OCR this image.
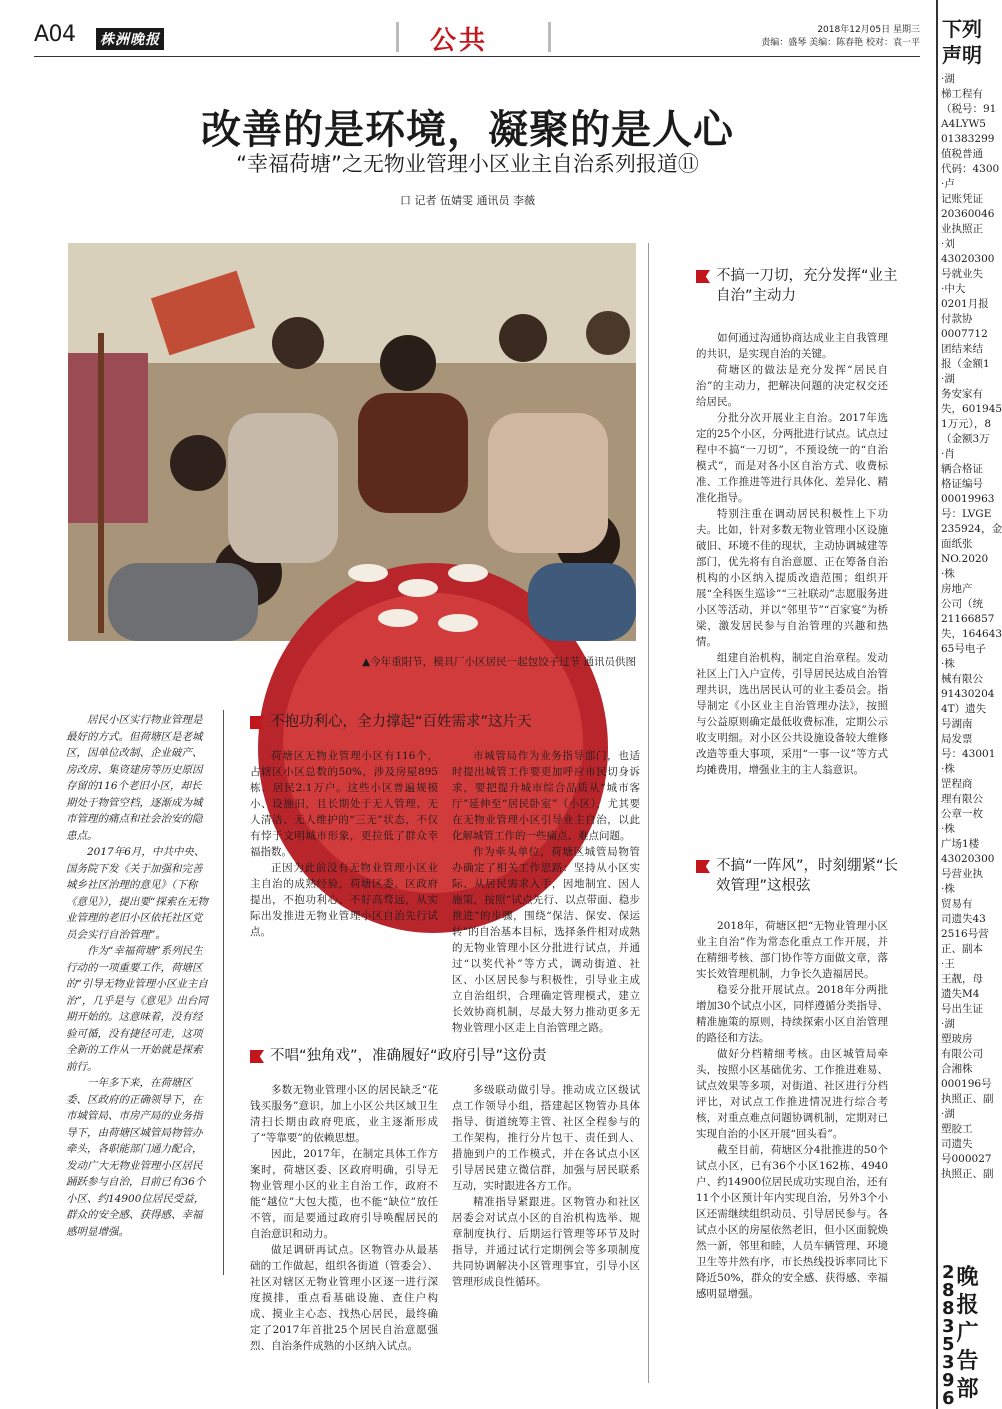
A04 株洲晚报	公共	2018年12月05日 星期三
责编：盛琴 美编：陈春艳 校对：袁一平
改善的是环境，凝聚的是人心
“幸福荷塘”之无物业管理小区业主自治系列报道⑪
口 记者 伍婧雯 通讯员 李薇
▲今年重阳节，模具厂小区居民一起包饺子过节 通讯员供图

居民小区实行物业管理是最好的方式。但荷塘区是老城区，因单位改制、企业破产、房改房、集资建房等历史原因存留的116个老旧小区，却长期处于物管空档，逐渐成为城市管理的痛点和社会治安的隐患点。

2017年6月，中共中央、国务院下发《关于加强和完善城乡社区治理的意见》（下称《意见》），提出要“探索在无物业管理的老旧小区依托社区党员会实行自治管理”。

作为“幸福荷塘”系列民生行动的一项重要工作，荷塘区的“引导无物业管理小区业主自治”，几乎是与《意见》出台同期开始的。这意味着，没有经验可循，没有捷径可走，这项全新的工作从一开始就是探索前行。

一年多下来，在荷塘区委、区政府的正确领导下，在市城管局、市房产局的业务指导下，由荷塘区城管局物管办牵头，各职能部门通力配合，发动广大无物业管理小区居民踊跃参与自治，目前已有36个小区、约14900位居民受益，群众的安全感、获得感、幸福感明显增强。

不抱功利心，全力撑起“百姓需求”这片天

荷塘区无物业管理小区有116个，占辖区小区总数的50%，涉及房屋895栋、居民2.1万户。这些小区普遍规模小、设施旧，且长期处于无人管理、无人清洁、无人维护的“三无”状态，不仅有悖于文明城市形象，更拉低了群众幸福指数。

正因为此前没有无物业管理小区业主自治的成熟经验，荷塘区委、区政府提出，不抱功利心、不好高骛远，从实际出发推进无物业管理小区自治先行试点。

市城管局作为业务指导部门，也适时提出城管工作要更加呼应市民切身诉求，要把提升城市综合品质从“城市客厅”延伸至“居民卧室”（小区），尤其要在无物业管理小区引导业主自治，以此化解城管工作的一些痛点、难点问题。

作为牵头单位，荷塘区城管局物管办确定了相关工作思路：坚持从小区实际、从居民需求入手，因地制宜、因人施策，按照“试点先行、以点带面、稳步推进”的步骤，围绕“保洁、保安、保运转”的自治基本目标，选择条件相对成熟的无物业管理小区分批进行试点，并通过“以奖代补”等方式，调动街道、社区、小区居民参与积极性，引导业主成立自治组织，合理确定管理模式，建立长效协商机制，尽最大努力推动更多无物业管理小区走上自治管理之路。

不唱“独角戏”，准确履好“政府引导”这份责

多数无物业管理小区的居民缺乏“花钱买服务”意识，加上小区公共区域卫生清扫长期由政府兜底，业主逐渐形成了“等靠要”的依赖思想。

因此，2017年，在制定具体工作方案时，荷塘区委、区政府明确，引导无物业管理小区的业主自治工作，政府不能“越位”大包大揽，也不能“缺位”放任不管，而是要通过政府引导唤醒居民的自治意识和动力。

做足调研再试点。区物管办从最基础的工作做起，组织各街道（管委会）、社区对辖区无物业管理小区逐一进行深度摸排，重点看基础设施、查住户构成、摸业主心态、找热心居民，最终确定了2017年首批25个居民自治意愿强烈、自治条件成熟的小区纳入试点。

多级联动做引导。推动成立区级试点工作领导小组，搭建起区物管办具体指导、街道统筹主管、社区全程参与的工作架构，推行分片包干、责任到人、措施到户的工作模式，并在各试点小区引导居民建立微信群，加强与居民联系互动，实时跟进各方工作。

精准指导紧跟进。区物管办和社区居委会对试点小区的自治机构选举、规章制度执行、后期运行管理等环节及时指导，并通过试行定期例会等多项制度共同协调解决小区管理事宜，引导小区管理形成良性循环。

不搞一刀切，充分发挥“业主自治”主动力

如何通过沟通协商达成业主自我管理的共识，是实现自治的关键。

荷塘区的做法是充分发挥“居民自治”的主动力，把解决问题的决定权交还给居民。

分批分次开展业主自治。2017年选定的25个小区，分两批进行试点。试点过程中不搞“一刀切”，不预设统一的“自治模式”，而是对各小区自治方式、收费标准、工作推进等进行具体化、差异化、精准化指导。

特别注重在调动居民积极性上下功夫。比如，针对多数无物业管理小区设施破旧、环境不佳的现状，主动协调城建等部门，优先将有自治意愿、正在筹备自治机构的小区纳入提质改造范围；组织开展“全科医生巡诊”“三社联动”志愿服务进小区等活动，并以“邻里节”“百家宴”为桥梁，激发居民参与自治管理的兴趣和热情。

组建自治机构，制定自治章程。发动社区上门入户宣传，引导居民达成自治管理共识，选出居民认可的业主委员会。指导制定《小区业主自治管理办法》，按照与公益原则确定最低收费标准，定期公示收支明细。对小区公共设施设备较大维修改造等重大事项，采用“一事一议”等方式均摊费用，增强业主的主人翁意识。

不搞“一阵风”，时刻绷紧“长效管理”这根弦

2018年，荷塘区把“无物业管理小区业主自治”作为常态化重点工作开展，并在精细考核、部门协作等方面做文章，落实长效管理机制，力争长久造福居民。

稳妥分批开展试点。2018年分两批增加30个试点小区，同样遵循分类指导、精准施策的原则，持续探索小区自治管理的路径和方法。

做好分档精细考核。由区城管局牵头，按照小区基础优劣、工作推进难易、试点效果等多项，对街道、社区进行分档评比，对试点工作推进情况进行综合考核，对重点难点问题协调机制，定期对已实现自治的小区开展“回头看”。

截至目前，荷塘区分4批推进的50个试点小区，已有36个小区162栋、4940户、约14900位居民成功实现自治，还有11个小区预计年内实现自治，另外3个小区还需继续组织动员、引导居民参与。各试点小区的房屋依然老旧，但小区面貌焕然一新，邻里和睦，人员车辆管理、环境卫生等井然有序，市长热线投诉率同比下降近50%，群众的安全感、获得感、幸福感明显增强。

下列
声明
·湖
梯工程有
（税号：91
A4LYW5
01383299
值税普通
代码：4300
·卢
记账凭证
20360046
业执照正
·刘
43020300
号就业失
·中大
0201月报
付款协
0007712
团结来结
报（金额1
·湖
务安家有
失，601945
1万元），8
（金额3万
·肖
辆合格证
格证编号
00019963
号：LVGE
235924，金
面纸张
NO.2020
·株
房地产
公司（统
21166857
失，164643
65号电子
·株
械有限公
91430204
4T）遗失
号湖南
局发票
号：43001
·株
罡程商
理有限公
公章一枚
·株
广场1楼
43020300
号营业执
·株
贸易有
司遗失43
2516号营
正、副本
·王
王靓，母
遗失M4
号出生证
·湖
塑玻房
有限公司
合湘株
000196号
执照正、副
·湖
塑胶工
司遗失
号000027
执照正、副
2
8
8
3
5
3
9
6
晚
报
广
告
部
